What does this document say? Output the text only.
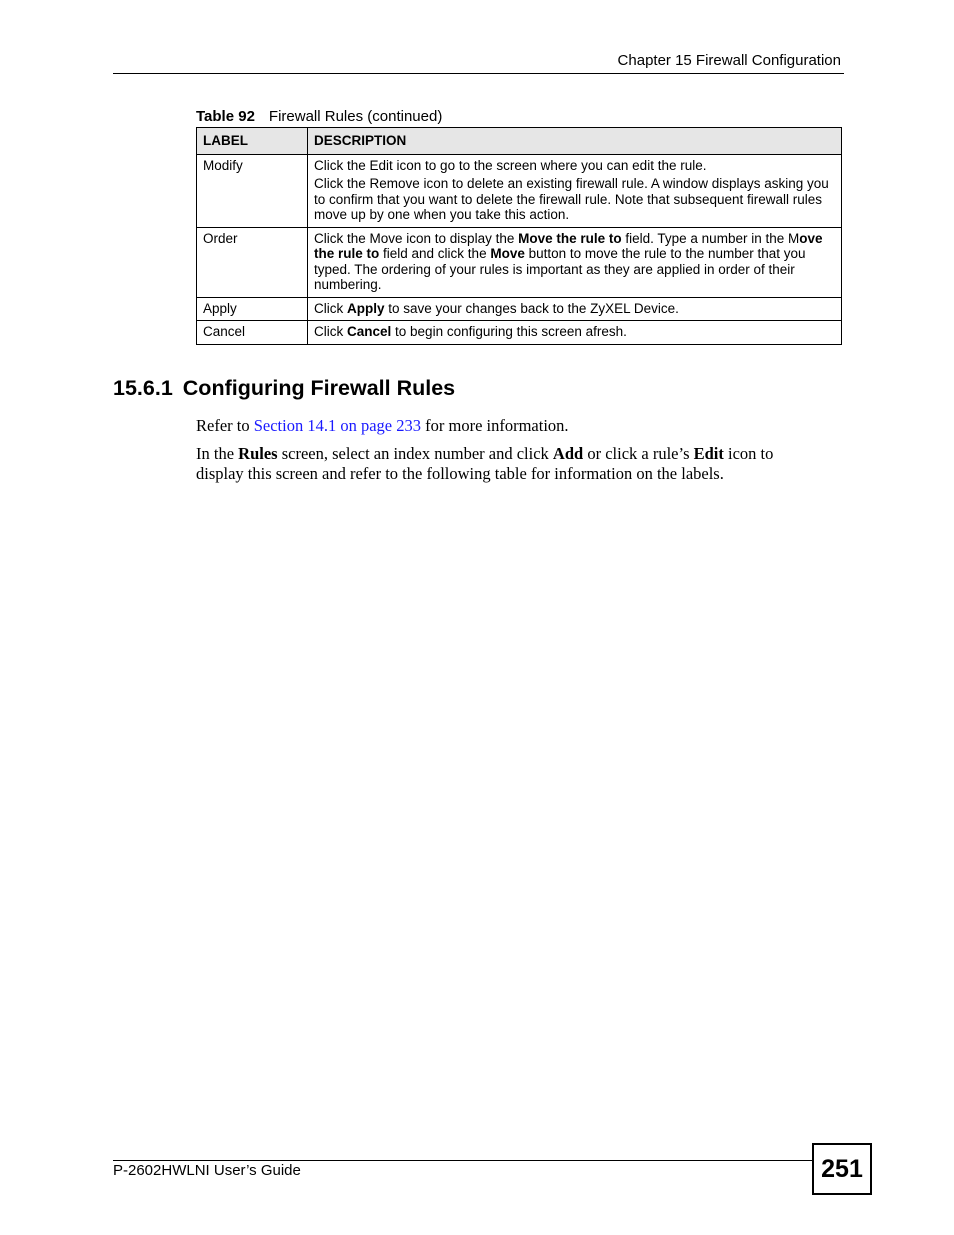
Chapter 15 Firewall Configuration
Table 92 Firewall Rules (continued)
LABEL	DESCRIPTION
Modify	Click the Edit icon to go to the screen where you can edit the rule.

Click the Remove icon to delete an existing firewall rule. A window displays asking you to confirm that you want to delete the firewall rule. Note that subsequent firewall rules move up by one when you take this action.

Order	Click the Move icon to display the Move the rule to field. Type a number in the Move the rule to field and click the Move button to move the rule to the number that you typed. The ordering of your rules is important as they are applied in order of their numbering.
Apply	Click Apply to save your changes back to the ZyXEL Device.
Cancel	Click Cancel to begin configuring this screen afresh.
15.6.1 Configuring Firewall Rules
Refer to Section 14.1 on page 233 for more information.
In the Rules screen, select an index number and click Add or click a rule’s Edit icon to display this screen and refer to the following table for information on the labels.
P-2602HWLNI User’s Guide	251
